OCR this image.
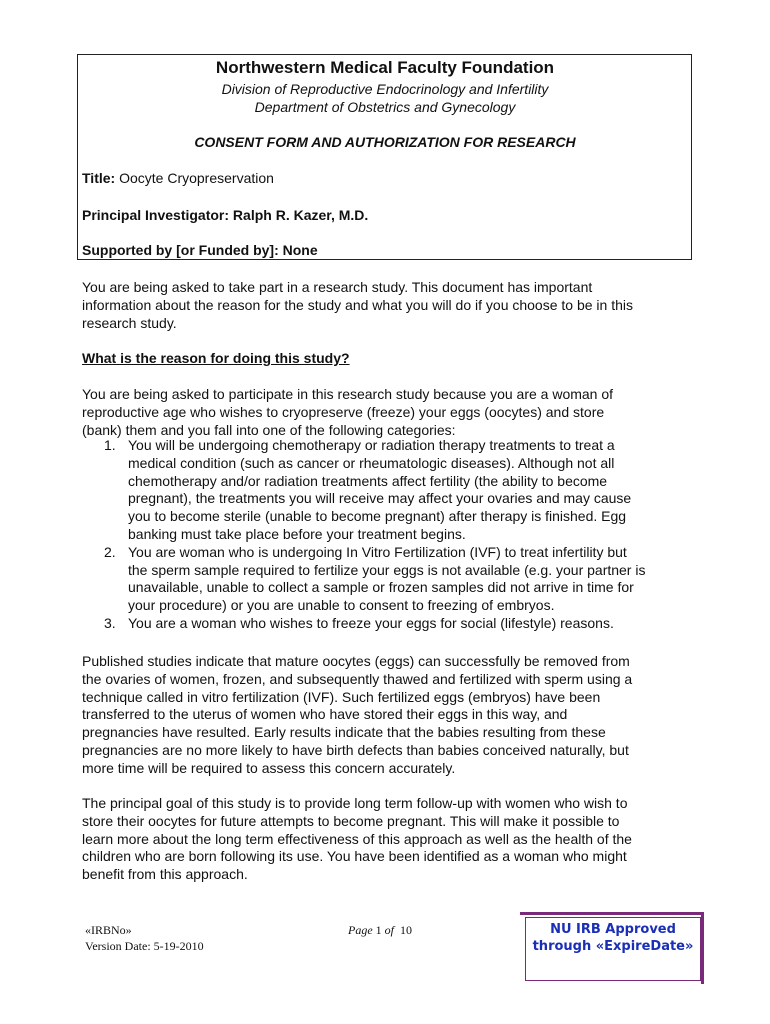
Northwestern Medical Faculty Foundation
Division of Reproductive Endocrinology and Infertility
Department of Obstetrics and Gynecology
CONSENT FORM AND AUTHORIZATION FOR RESEARCH
Title: Oocyte Cryopreservation
Principal Investigator: Ralph R. Kazer, M.D.
Supported by [or Funded by]: None
You are being asked to take part in a research study. This document has important
information about the reason for the study and what you will do if you choose to be in this
research study.
What is the reason for doing this study?
You are being asked to participate in this research study because you are a woman of
reproductive age who wishes to cryopreserve (freeze) your eggs (oocytes) and store
(bank) them and you fall into one of the following categories:
1. You will be undergoing chemotherapy or radiation therapy treatments to treat a
medical condition (such as cancer or rheumatologic diseases). Although not all
chemotherapy and/or radiation treatments affect fertility (the ability to become
pregnant), the treatments you will receive may affect your ovaries and may cause
you to become sterile (unable to become pregnant) after therapy is finished. Egg
banking must take place before your treatment begins.
2. You are woman who is undergoing In Vitro Fertilization (IVF) to treat infertility but
the sperm sample required to fertilize your eggs is not available (e.g. your partner is
unavailable, unable to collect a sample or frozen samples did not arrive in time for
your procedure) or you are unable to consent to freezing of embryos.
3. You are a woman who wishes to freeze your eggs for social (lifestyle) reasons.
Published studies indicate that mature oocytes (eggs) can successfully be removed from
the ovaries of women, frozen, and subsequently thawed and fertilized with sperm using a
technique called in vitro fertilization (IVF). Such fertilized eggs (embryos) have been
transferred to the uterus of women who have stored their eggs in this way, and
pregnancies have resulted. Early results indicate that the babies resulting from these
pregnancies are no more likely to have birth defects than babies conceived naturally, but
more time will be required to assess this concern accurately.
The principal goal of this study is to provide long term follow-up with women who wish to
store their oocytes for future attempts to become pregnant. This will make it possible to
learn more about the long term effectiveness of this approach as well as the health of the
children who are born following its use. You have been identified as a woman who might
benefit from this approach.
«IRBNo»
Version Date: 5-19-2010
Page 1 of 10	NU IRB Approved
through «ExpireDate»
